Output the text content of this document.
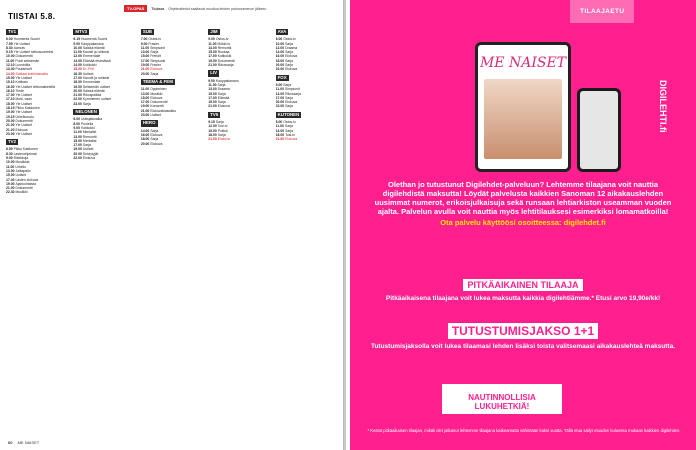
TIISTAI 5.8.
TV-OPAS	Tiukasa Ohjelmatiedot saattavat muuttua lehden painoonmenon jälkeen.
TV1
6.00Huomenta Suomi
7.59Yle Uutiset
8.30Aamutv
9.15Yle Uutiset selkosuomeksi
10.00Dokumentti
11.00Puoli seitsemän
12.10Luontoilta
13.30Puutarhurit
14.00Sotilaat kotirintamalla
15.00Yle Uutiset
15.10Kotikatu
16.00Yle Uutiset viittomakielellä
16.10Tiede
17.00Yle Uutiset
17.10Moiti, vaan
18.00Yle Uutiset
18.15Pikku Kakkonen
19.00Yle Uutiset
19.15Urheiluruutu
20.00Dokumentti
21.00Yle Uutiset
21.20Elokuva
23.00Yle Uutiset
TV2
6.50Pikku Kakkonen
8.30Lastenohjelmat
9.00Ristikkoja
10.00Musiikkia
11.00Urheilu
13.00Jalkapallo
15.00Uutiset
17.30Lasten elokuva
19.00Ajankohtaista
21.00Dokumentti
22.30Musiikki
MTV3
6.15Huomenta Suomi
9.00Kauppakanava
10.00Salatut elämät
11.00Kauniit ja rohkeat
12.00Emmerdale
13.00Elämää etsimässä
14.00Kotikokki
15.20Dr. Phil
16.30Uutiset
17.00Kauniit ja rohkeat
18.00Emmerdale
19.00Seitsemän uutiset
20.00Salatut elämät
21.00Rikospaikka
22.00Kymmenen uutiset
23.00Sarja
NELONEN
6.00Uutisjatkoaika
8.00Puolella
9.00Kotikokki
11.00Mentalist
13.00Remontti
15.00Mentalist
17.00Sarja
19.00Uutiset
20.00Selviytyjät
22.00Elokuva
SUB
7.00Ostos-tv
9.00Frasier
11.00Simpsonit
13.00Sarja
15.00Frendit
17.00Simpsonit
19.00Frasier
21.00Elokuva
23.00Sarja
TEEMA & FEM
11.00Oppiminen
13.00Musiikki
15.00Elokuva
17.00Dokumentti
19.00Konsertti
21.00Elokuvaklassikko
23.00Uutiset
HERO
14.00Sarja
16.00Elokuva
18.00Sarja
20.00Elokuva
JIM
9.00Ostos-tv
11.00Mökki-tv
13.00Remontti
15.00Ruokaa
17.00Kotikokki
19.00Dokumentti
21.00Rikossarja
LIV
9.00Kauppakanava
11.00Sarja
13.00Draama
15.00Sarja
17.00Elämää
19.00Sarja
21.00Elokuva
TV5
9.15Sarja
12.00Tosi-tv
15.00Poliisit
18.00Sarja
21.00Elokuva
AVA
8.00Ostos-tv
10.00Sarja
12.00Draama
14.00Sarja
16.00Elokuva
18.00Sarja
20.00Sarja
22.00Elokuva
FOX
9.00Sarja
11.00Simpsonit
14.00Rikossarja
17.00Sarja
20.00Elokuva
22.00Sarja
KUTONEN
8.00Ostos-tv
11.00Sarja
14.00Sarja
18.00Tosi-tv
21.00Elokuva
60 ME NAISET
TILAAJAETU
ME NAISET
DIGILEHTI.fi
Olethan jo tutustunut Digilehdet-palveluun? Lehtemme tilaajana voit nauttia digilehdistä maksutta! Löydät palvelusta kaikkien Sanoman 12 aikakauslehden uusimmat numerot, erikoisjulkaisuja sekä runsaan lehtiarkiston useamman vuoden ajalta. Palvelun avulla voit nauttia myös lehtitilauksesi esimerkiksi lomamatkoilla!
Ota palvelu käyttöösi osoitteessa: digilehdet.fi
PITKÄAIKAINEN TILAAJA
Pitkäaikaisena tilaajana voit lukea maksutta kaikkia digilehtiämme.* Etusi arvo 19,90e/kk!
TUTUSTUMISJAKSO 1+1
Tutustumisjaksolla voit lukea tilaamasi lehden lisäksi toista valitsemaasi aikakauslehteä maksutta.
NAUTINNOLLISIA LUKUHETKIÄ!
* Kestot pitkäaikaisen tilaajan, mikäli olet jatkanut lehtemme tilaajana katkeamatta vähintään kaksi vuotta. Tällä etua säilyt etuuden kuluessa mukaan kaikkien digilehtien.
